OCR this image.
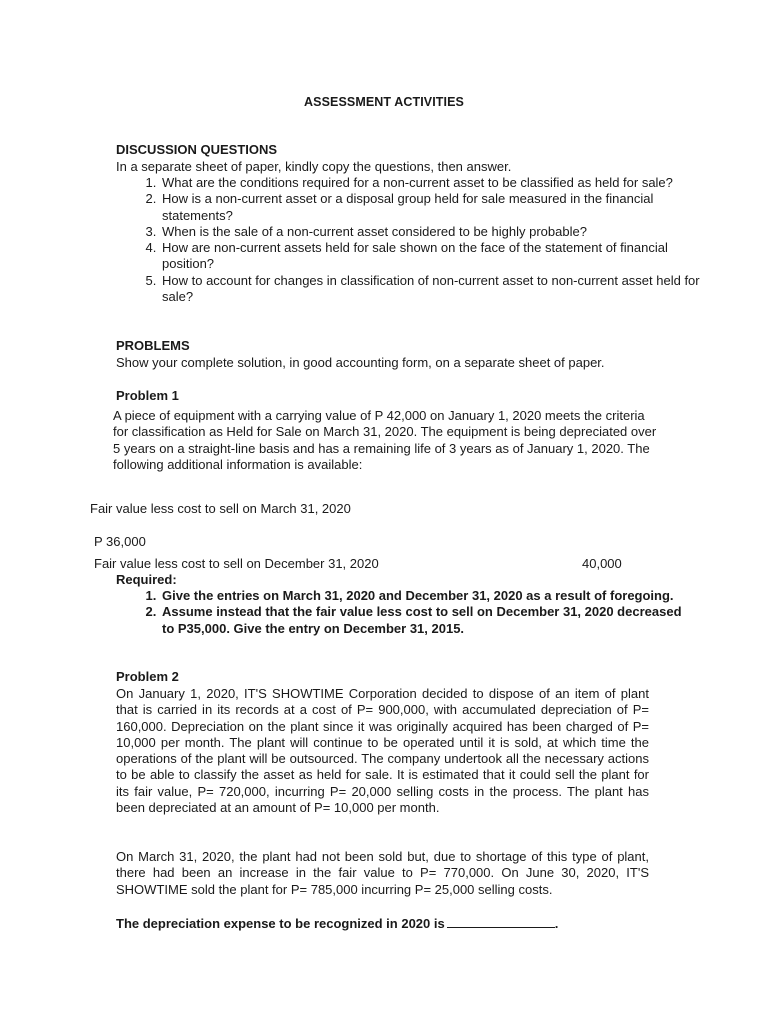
ASSESSMENT ACTIVITIES
DISCUSSION QUESTIONS
In a separate sheet of paper, kindly copy the questions, then answer.
1. What are the conditions required for a non-current asset to be classified as held for sale?
2. How is a non-current asset or a disposal group held for sale measured in the financial statements?
3. When is the sale of a non-current asset considered to be highly probable?
4. How are non-current assets held for sale shown on the face of the statement of financial position?
5. How to account for changes in classification of non-current asset to non-current asset held for sale?
PROBLEMS
Show your complete solution, in good accounting form, on a separate sheet of paper.
Problem 1
A piece of equipment with a carrying value of P 42,000 on January 1, 2020 meets the criteria for classification as Held for Sale on March 31, 2020. The equipment is being depreciated over 5 years on a straight-line basis and has a remaining life of 3 years as of January 1, 2020. The following additional information is available:
Fair value less cost to sell on March 31, 2020
P 36,000
Fair value less cost to sell on December 31, 2020	40,000
Required:
1. Give the entries on March 31, 2020 and December 31, 2020 as a result of foregoing.
2. Assume instead that the fair value less cost to sell on December 31, 2020 decreased to P35,000. Give the entry on December 31, 2015.
Problem 2
On January 1, 2020, IT'S SHOWTIME Corporation decided to dispose of an item of plant that is carried in its records at a cost of P= 900,000, with accumulated depreciation of P= 160,000. Depreciation on the plant since it was originally acquired has been charged of P= 10,000 per month. The plant will continue to be operated until it is sold, at which time the operations of the plant will be outsourced. The company undertook all the necessary actions to be able to classify the asset as held for sale. It is estimated that it could sell the plant for its fair value, P= 720,000, incurring P= 20,000 selling costs in the process. The plant has been depreciated at an amount of P= 10,000 per month.
On March 31, 2020, the plant had not been sold but, due to shortage of this type of plant, there had been an increase in the fair value to P= 770,000. On June 30, 2020, IT'S SHOWTIME sold the plant for P= 785,000 incurring P= 25,000 selling costs.
The depreciation expense to be recognized in 2020 is	.
